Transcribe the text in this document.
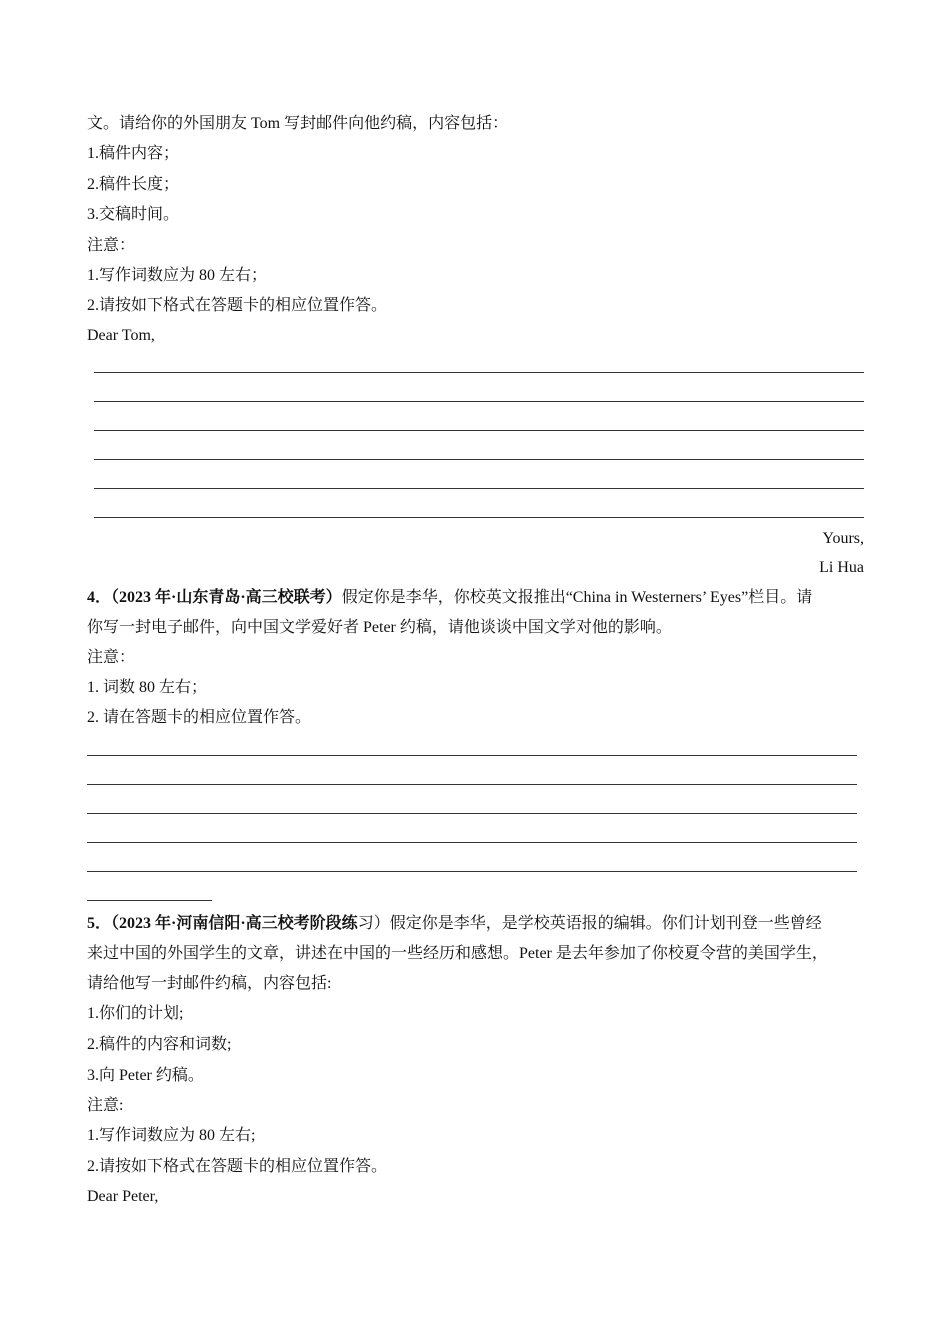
文。请给你的外国朋友 Tom 写封邮件向他约稿，内容包括：
1.稿件内容；
2.稿件长度；
3.交稿时间。
注意：
1.写作词数应为 80 左右；
2.请按如下格式在答题卡的相应位置作答。
Dear Tom,
Yours,
Li Hua
4．（2023 年·山东青岛·高三校联考）假定你是李华，你校英文报推出“China in Westerners’ Eyes”栏目。请
你写一封电子邮件，向中国文学爱好者 Peter 约稿，请他谈谈中国文学对他的影响。
注意：
1. 词数 80 左右；
2. 请在答题卡的相应位置作答。
5．（2023 年·河南信阳·高三校考阶段练习）假定你是李华，是学校英语报的编辑。你们计划刊登一些曾经
来过中国的外国学生的文章，讲述在中国的一些经历和感想。Peter 是去年参加了你校夏令营的美国学生，
请给他写一封邮件约稿，内容包括:
1.你们的计划;
2.稿件的内容和词数;
3.向 Peter 约稿。
注意:
1.写作词数应为 80 左右;
2.请按如下格式在答题卡的相应位置作答。
Dear Peter,
